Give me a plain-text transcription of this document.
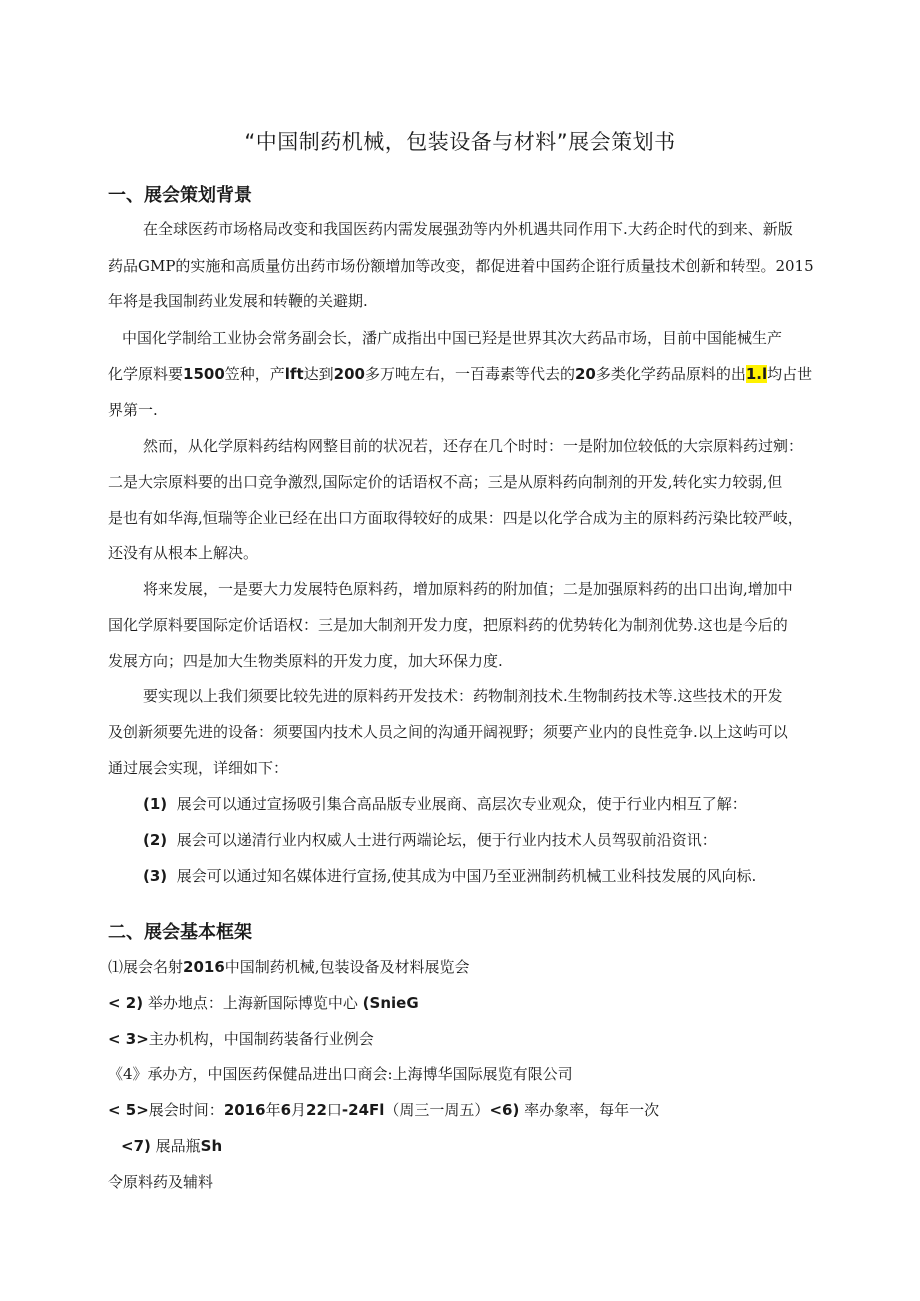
“中国制药机械，包装设备与材料”展会策划书
一、展会策划背景
在全球医药市场格局改变和我国医药内需发展强劲等内外机遇共同作用下.大药企时代的到来、新版
药品GMP的实施和高质量仿出药市场份额增加等改变，都促进着中国药企诳行质量技术创新和转型。2015
年将是我国制药业发展和转鞭的关避期.
中国化学制给工业协会常务副会长，潘广成指出中国已羟是世界其次大药品市场，目前中国能械生产
化学原料要1500笠种，产lft达到200多万吨左右，一百毒素等代去的20多类化学药品原料的出1.l均占世
界第一.
然而，从化学原料药结构网整目前的状况若，还存在几个时时：一是附加位较低的大宗原料药过剜：
二是大宗原料要的出口竞争激烈,国际定价的话语权不高；三是从原料药向制剂的开发,转化实力较弱,但
是也有如华海,恒瑞等企业已经在出口方面取得较好的成果：四是以化学合成为主的原料药污染比较严岐，
还没有从根本上解决。
将来发展，一是要大力发展特色原料药，增加原料药的附加值；二是加强原料药的出口出询,增加中
国化学原料要国际定价话语权：三是加大制剂开发力度，把原料药的优势转化为制剂优势.这也是今后的
发展方向；四是加大生物类原料的开发力度，加大环保力度.
要实现以上我们须要比较先进的原料药开发技术：药物制剂技术.生物制药技术等.这些技术的开发
及创新须要先进的设备：须要国内技术人员之间的沟通开阔视野；须要产业内的良性竞争.以上这屿可以
通过展会实现，详细如下：
(1) 展会可以通过宣扬吸引集合高品版专业展商、高层次专业观众，使于行业内相互了解：
(2) 展会可以递清行业内权威人士进行两端论坛，便于行业内技术人员驾驭前沿资讯：
(3) 展会可以通过知名媒体进行宣扬,使其成为中国乃至亚洲制药机械工业科技发展的风向标.
二、展会基本框架
⑴展会名射2016中国制药机械,包装设备及材料展览会
< 2) 举办地点：上海新国际博览中心 (SnieG
< 3>主办机构，中国制药装备行业例会
《4》承办方，中国医药保健品进出口商会:上海博华国际展览有限公司
< 5>展会时间：2016年6月22口-24Fl（周三一周五）<6) 率办象率，每年一次
<7) 展品瓶Sh
令原料药及辅料
